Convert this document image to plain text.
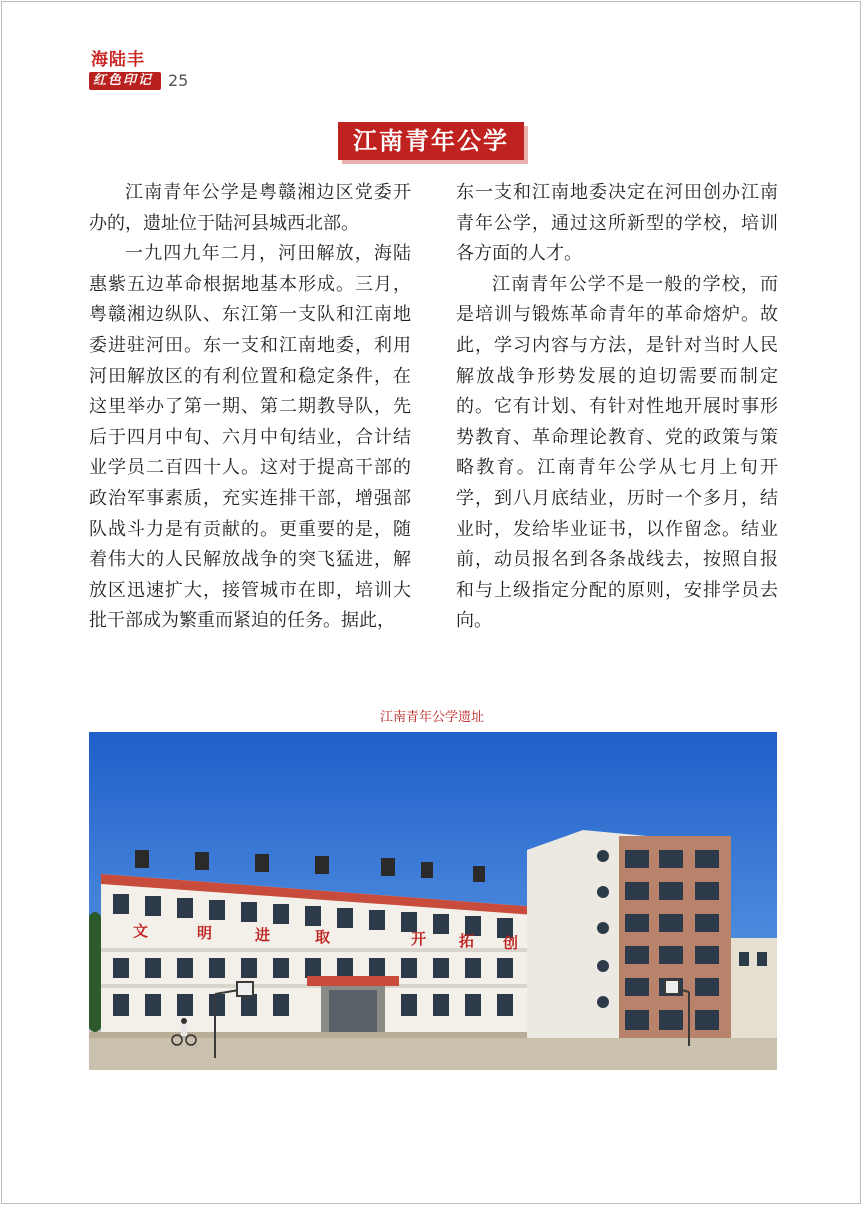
海陆丰
红色印记 25
江南青年公学

江南青年公学是粤赣湘边区党委开办的，遗址位于陆河县城西北部。

一九四九年二月，河田解放，海陆惠紫五边革命根据地基本形成。三月，粤赣湘边纵队、东江第一支队和江南地委进驻河田。东一支和江南地委，利用河田解放区的有利位置和稳定条件，在这里举办了第一期、第二期教导队，先后于四月中旬、六月中旬结业，合计结业学员二百四十人。这对于提高干部的政治军事素质，充实连排干部，增强部队战斗力是有贡献的。更重要的是，随着伟大的人民解放战争的突飞猛进，解放区迅速扩大，接管城市在即，培训大批干部成为繁重而紧迫的任务。据此，

东一支和江南地委决定在河田创办江南青年公学，通过这所新型的学校，培训各方面的人才。

江南青年公学不是一般的学校，而是培训与锻炼革命青年的革命熔炉。故此，学习内容与方法，是针对当时人民解放战争形势发展的迫切需要而制定的。它有计划、有针对性地开展时事形势教育、革命理论教育、党的政策与策略教育。江南青年公学从七月上旬开学，到八月底结业，历时一个多月，结业时，发给毕业证书，以作留念。结业前，动员报名到各条战线去，按照自报和与上级指定分配的原则，安排学员去向。

江南青年公学遗址
文	明	进	取	开 拓 创
